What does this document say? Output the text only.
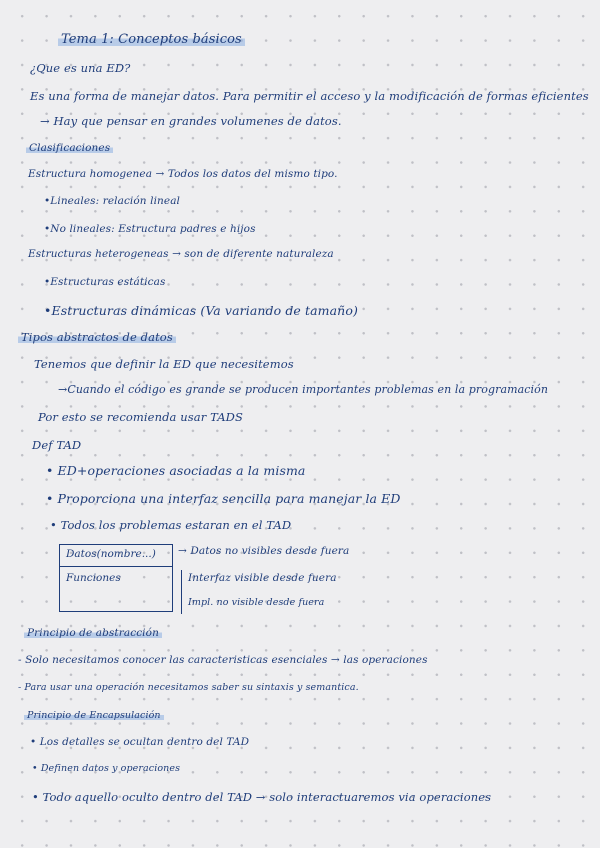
Tema 1: Conceptos básicos
¿Que es una ED?
Es una forma de manejar datos. Para permitir el acceso y la modificación de formas eficientes
→ Hay que pensar en grandes volumenes de datos.
Clasificaciones
Estructura homogenea → Todos los datos del mismo tipo.
•Lineales: relación lineal
•No lineales: Estructura padres e hijos
Estructuras heterogeneas → son de diferente naturaleza
•Estructuras estáticas
•Estructuras dinámicas (Va variando de tamaño)
Tipos abstractos de datos
Tenemos que definir la ED que necesitemos
→Cuando el código es grande se producen importantes problemas en la programación
Por esto se recomienda usar TADS
Def TAD
• ED+operaciones asociadas a la misma
• Proporciona una interfaz sencilla para manejar la ED
• Todos los problemas estaran en el TAD
Datos(nombre...)
Funciones
→ Datos no visibles desde fuera
Interfaz visible desde fuera
Impl. no visible desde fuera
Principio de abstracción
- Solo necesitamos conocer las caracteristicas esenciales → las operaciones
- Para usar una operación necesitamos saber su sintaxis y semantica.
Principio de Encapsulación
• Los detalles se ocultan dentro del TAD
• Definen datos y operaciones
• Todo aquello oculto dentro del TAD → solo interactuaremos via operaciones
